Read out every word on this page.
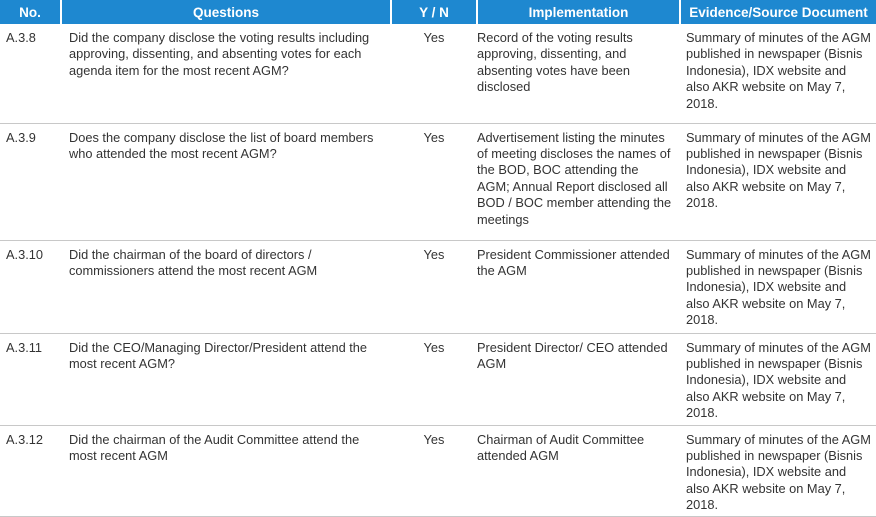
No.	Questions	Y / N	Implementation	Evidence/Source Document
A.3.8	Did the company disclose the voting results including approving, dissenting, and absenting votes for each agenda item for the most recent AGM?	Yes	Record of the voting results approving, dissenting, and absenting votes have been disclosed	Summary of minutes of the AGM published in newspaper (Bisnis Indonesia), IDX website and also AKR website on May 7, 2018.
A.3.9	Does the company disclose the list of board members who attended the most recent AGM?	Yes	Advertisement listing the minutes of meeting discloses the names of the BOD, BOC attending the AGM; Annual Report disclosed all BOD / BOC member attending the meetings	Summary of minutes of the AGM published in newspaper (Bisnis Indonesia), IDX website and also AKR website on May 7, 2018.
A.3.10	Did the chairman of the board of directors / commissioners attend the most recent AGM	Yes	President Commissioner attended the AGM	Summary of minutes of the AGM published in newspaper (Bisnis Indonesia), IDX website and also AKR website on May 7, 2018.
A.3.11	Did the CEO/Managing Director/President attend the most recent AGM?	Yes	President Director/ CEO attended AGM	Summary of minutes of the AGM published in newspaper (Bisnis Indonesia), IDX website and also AKR website on May 7, 2018.
A.3.12	Did the chairman of the Audit Committee attend the most recent AGM	Yes	Chairman of Audit Committee attended AGM	Summary of minutes of the AGM published in newspaper (Bisnis Indonesia), IDX website and also AKR website on May 7, 2018.
